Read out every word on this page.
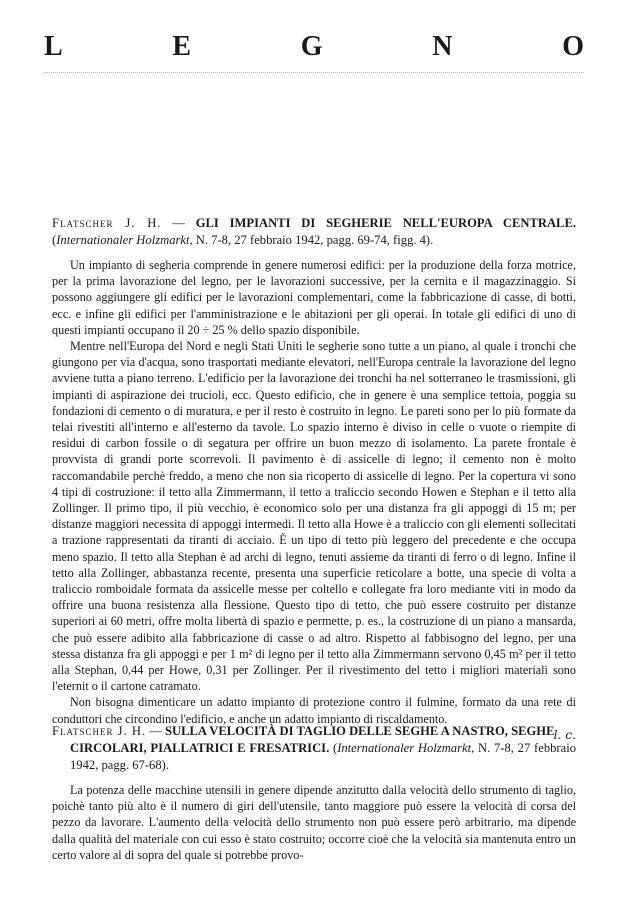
L	E	G	N	O
Flatscher J. H. — GLI IMPIANTI DI SEGHERIE NELL'EUROPA CENTRALE. (Internationaler Holzmarkt, N. 7-8, 27 febbraio 1942, pagg. 69-74, figg. 4).

Un impianto di segheria comprende in genere numerosi edifici: per la produzione della forza motrice, per la prima lavorazione del legno, per le lavorazioni successive, per la cernita e il magazzinaggio. Si possono aggiungere gli edifici per le lavorazioni complementari, come la fabbricazione di casse, di botti, ecc. e infine gli edifici per l'amministrazione e le abitazioni per gli operai. In totale gli edifici di uno di questi impianti occupano il 20 ÷ 25 % dello spazio disponibile.

Mentre nell'Europa del Nord e negli Stati Uniti le segherie sono tutte a un piano, al quale i tronchi che giungono per via d'acqua, sono trasportati mediante elevatori, nell'Europa centrale la lavorazione del legno avviene tutta a piano terreno. L'edificio per la lavorazione dei tronchi ha nel sotterraneo le trasmissioni, gli impianti di aspirazione dei trucioli, ecc. Questo edificio, che in genere è una semplice tettoia, poggia su fondazioni di cemento o di muratura, e per il resto è costruito in legno. Le pareti sono per lo più formate da telai rivestiti all'interno e all'esterno da tavole. Lo spazio interno è diviso in celle o vuote o riempite di residui di carbon fossile o di segatura per offrire un buon mezzo di isolamento. La parete frontale è provvista di grandi porte scorrevoli. Il pavimento è di assicelle di legno; il cemento non è molto raccomandabile perchè freddo, a meno che non sia ricoperto di assicelle di legno. Per la copertura vi sono 4 tipi di costruzione: il tetto alla Zimmermann, il tetto a traliccio secondo Howen e Stephan e il tetto alla Zollinger. Il primo tipo, il più vecchio, è economico solo per una distanza fra gli appoggi di 15 m; per distanze maggiori necessita di appoggi intermedi. Il tetto alla Howe è a traliccio con gli elementi sollecitati a trazione rappresentati da tiranti di acciaio. È un tipo di tetto più leggero del precedente e che occupa meno spazio. Il tetto alla Stephan è ad archi di legno, tenuti assieme da tiranti di ferro o di legno. Infine il tetto alla Zollinger, abbastanza recente, presenta una superficie reticolare a botte, una specie di volta a traliccio romboidale formata da assicelle messe per coltello e collegate fra loro mediante viti in modo da offrire una buona resistenza alla flessione. Questo tipo di tetto, che può essere costruito per distanze superiori ai 60 metri, offre molta libertà di spazio e permette, p. es., la costruzione di un piano a mansarda, che può essere adibito alla fabbricazione di casse o ad altro. Rispetto al fabbisogno del legno, per una stessa distanza fra gli appoggi e per 1 m² di legno per il tetto alla Zimmermann servono 0,45 m² per il tetto alla Stephan, 0,44 per Howe, 0,31 per Zollinger. Per il rivestimento del tetto i migliori materiali sono l'eternit o il cartone catramato.

Non bisogna dimenticare un adatto impianto di protezione contro il fulmine, formato da una rete di conduttori che circondino l'edificio, e anche un adatto impianto di riscaldamento.

l. c.
Flatscher J. H. — SULLA VELOCITÀ DI TAGLIO DELLE SEGHE A NASTRO, SEGHE
CIRCOLARI, PIALLATRICI E FRESATRICI. (Internationaler Holzmarkt, N. 7-8, 27 febbraio 1942, pagg. 67-68).

La potenza delle macchine utensili in genere dipende anzitutto dalla velocità dello strumento di taglio, poichè tanto più alto è il numero di giri dell'utensile, tanto maggiore può essere la velocità di corsa del pezzo da lavorare. L'aumento della velocità dello strumento non può essere però arbitrario, ma dipende dalla qualità del materiale con cui esso è stato costruito; occorre cioè che la velocità sia mantenuta entro un certo valore al di sopra del quale si potrebbe provo-
